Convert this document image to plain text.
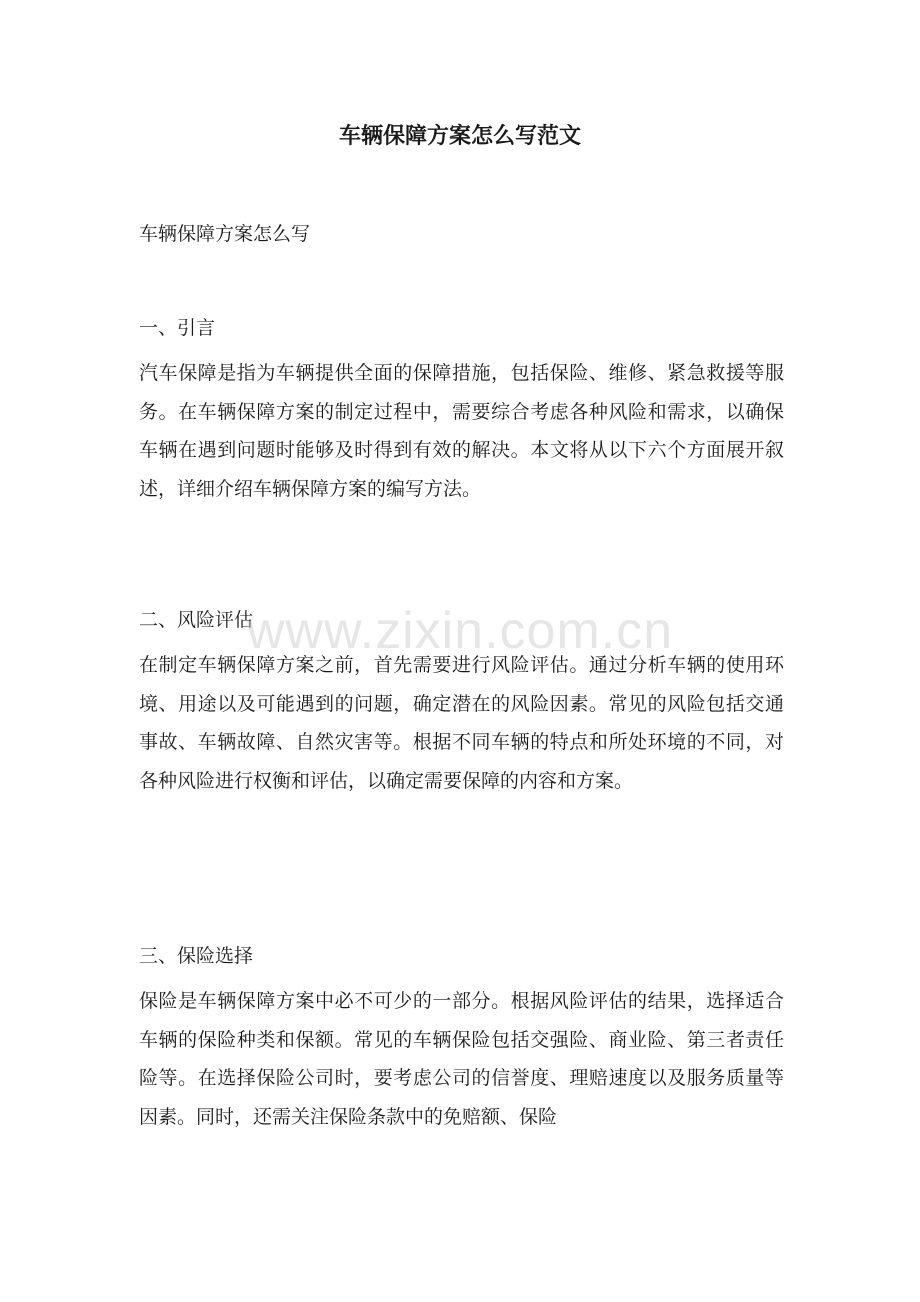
车辆保障方案怎么写范文

车辆保障方案怎么写

一、引言

汽车保障是指为车辆提供全面的保障措施，包括保险、维修、紧急救援等服务。在车辆保障方案的制定过程中，需要综合考虑各种风险和需求，以确保车辆在遇到问题时能够及时得到有效的解决。本文将从以下六个方面展开叙述，详细介绍车辆保障方案的编写方法。

二、风险评估

在制定车辆保障方案之前，首先需要进行风险评估。通过分析车辆的使用环境、用途以及可能遇到的问题，确定潜在的风险因素。常见的风险包括交通事故、车辆故障、自然灾害等。根据不同车辆的特点和所处环境的不同，对各种风险进行权衡和评估，以确定需要保障的内容和方案。

三、保险选择

保险是车辆保障方案中必不可少的一部分。根据风险评估的结果，选择适合车辆的保险种类和保额。常见的车辆保险包括交强险、商业险、第三者责任险等。在选择保险公司时，要考虑公司的信誉度、理赔速度以及服务质量等因素。同时，还需关注保险条款中的免赔额、保险

www.zixin.com.cn
